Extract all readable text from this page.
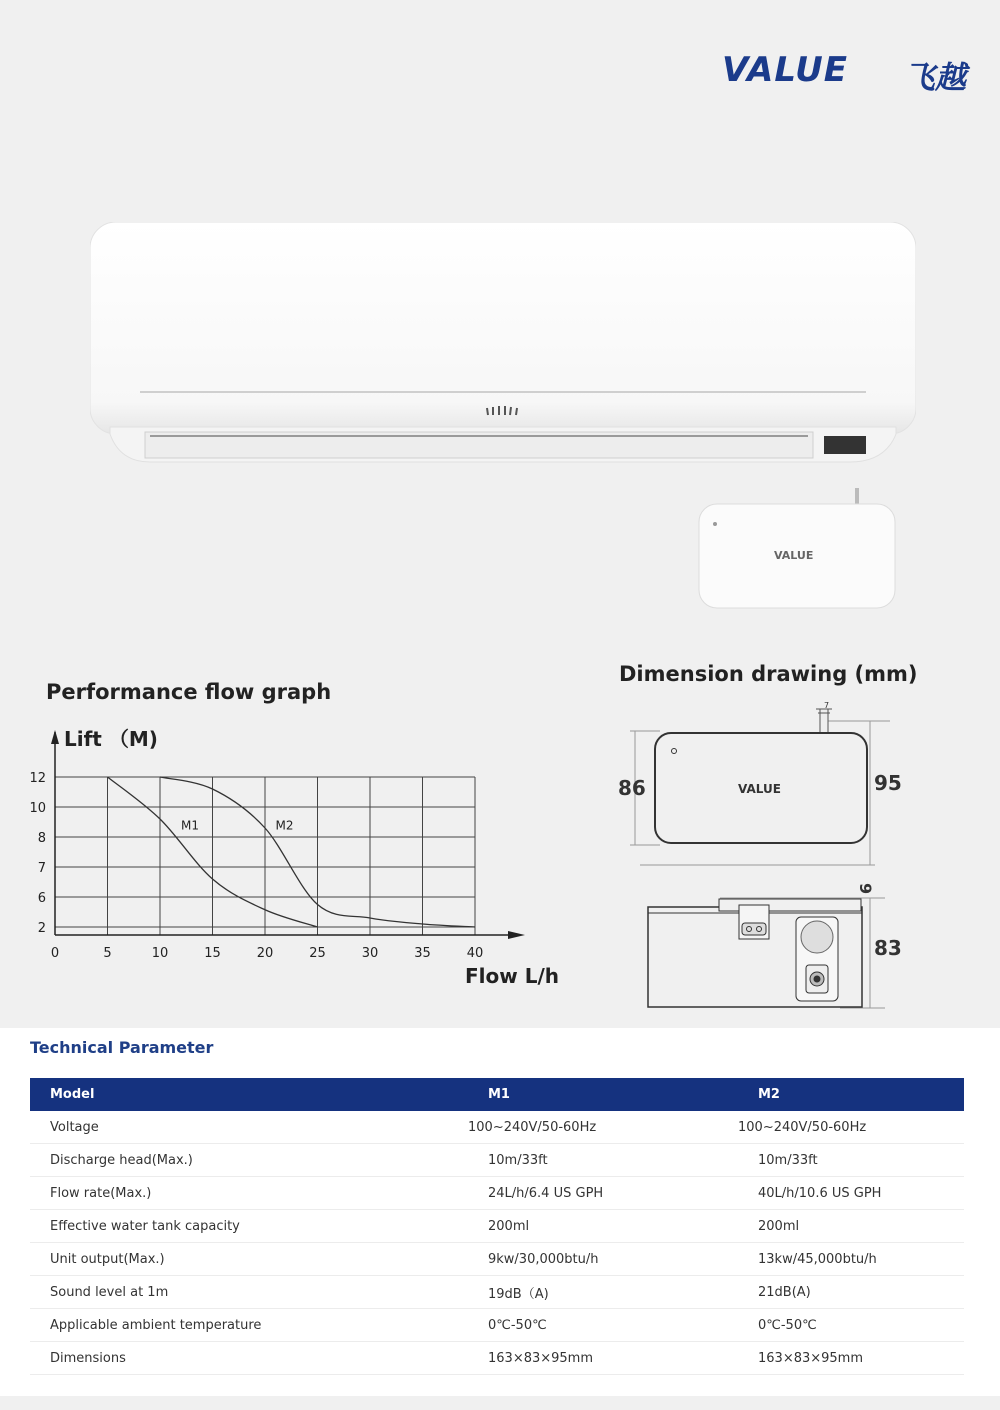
VALUE 飞越
VALUE
Performance flow graph
Dimension drawing (mm)
0	5	10	15	20	25	30	35	40
12
10
8
7
6
2
M1	M2
Lift （M)
Flow L/h
7
86	95
VALUE
9
83
Technical Parameter
Model	M1	M2
Voltage	100~240V/50-60Hz	100~240V/50-60Hz
Discharge head(Max.)	10m/33ft	10m/33ft
Flow rate(Max.)	24L/h/6.4 US GPH	40L/h/10.6 US GPH
Effective water tank capacity	200ml	200ml
Unit output(Max.)	9kw/30,000btu/h	13kw/45,000btu/h
Sound level at 1m	19dB（A)	21dB(A)
Applicable ambient temperature	0℃-50℃	0℃-50℃
Dimensions	163×83×95mm	163×83×95mm
